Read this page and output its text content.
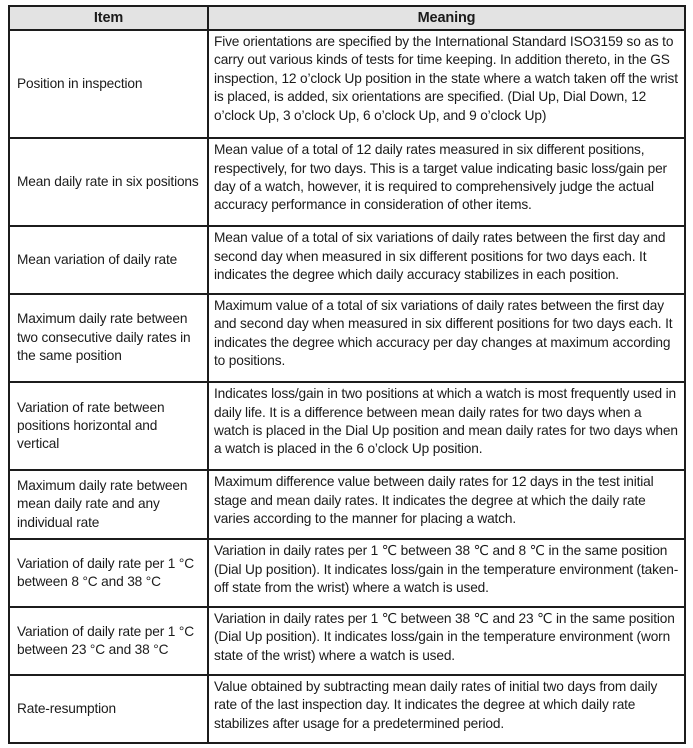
Item	Meaning
Position in inspection	Five orientations are specified by the International Standard ISO3159 so as to carry out various kinds of tests for time keeping. In addition thereto, in the GS inspection, 12 o’clock Up position in the state where a watch taken off the wrist is placed, is added, six orientations are specified. (Dial Up, Dial Down, 12 o’clock Up, 3 o’clock Up, 6 o’clock Up, and 9 o’clock Up)
Mean daily rate in six positions	Mean value of a total of 12 daily rates measured in six different positions, respectively, for two days. This is a target value indicating basic loss/gain per day of a watch, however, it is required to comprehensively judge the actual accuracy performance in consideration of other items.
Mean variation of daily rate	Mean value of a total of six variations of daily rates between the first day and second day when measured in six different positions for two days each. It indicates the degree which daily accuracy stabilizes in each position.
Maximum daily rate between two consecutive daily rates in the same position	Maximum value of a total of six variations of daily rates between the first day and second day when measured in six different positions for two days each. It indicates the degree which accuracy per day changes at maximum according to positions.
Variation of rate between positions horizontal and vertical	Indicates loss/gain in two positions at which a watch is most frequently used in daily life. It is a difference between mean daily rates for two days when a watch is placed in the Dial Up position and mean daily rates for two days when a watch is placed in the 6 o’clock Up position.
Maximum daily rate between mean daily rate and any individual rate	Maximum difference value between daily rates for 12 days in the test initial stage and mean daily rates. It indicates the degree at which the daily rate varies according to the manner for placing a watch.
Variation of daily rate per 1 °C between 8 °C and 38 °C	Variation in daily rates per 1 ℃ between 38 ℃ and 8 ℃ in the same position (Dial Up position). It indicates loss/gain in the temperature environment (taken-off state from the wrist) where a watch is used.
Variation of daily rate per 1 °C between 23 °C and 38 °C	Variation in daily rates per 1 ℃ between 38 ℃ and 23 ℃ in the same position (Dial Up position). It indicates loss/gain in the temperature environment (worn state of the wrist) where a watch is used.
Rate-resumption	Value obtained by subtracting mean daily rates of initial two days from daily rate of the last inspection day. It indicates the degree at which daily rate stabilizes after usage for a predetermined period.
